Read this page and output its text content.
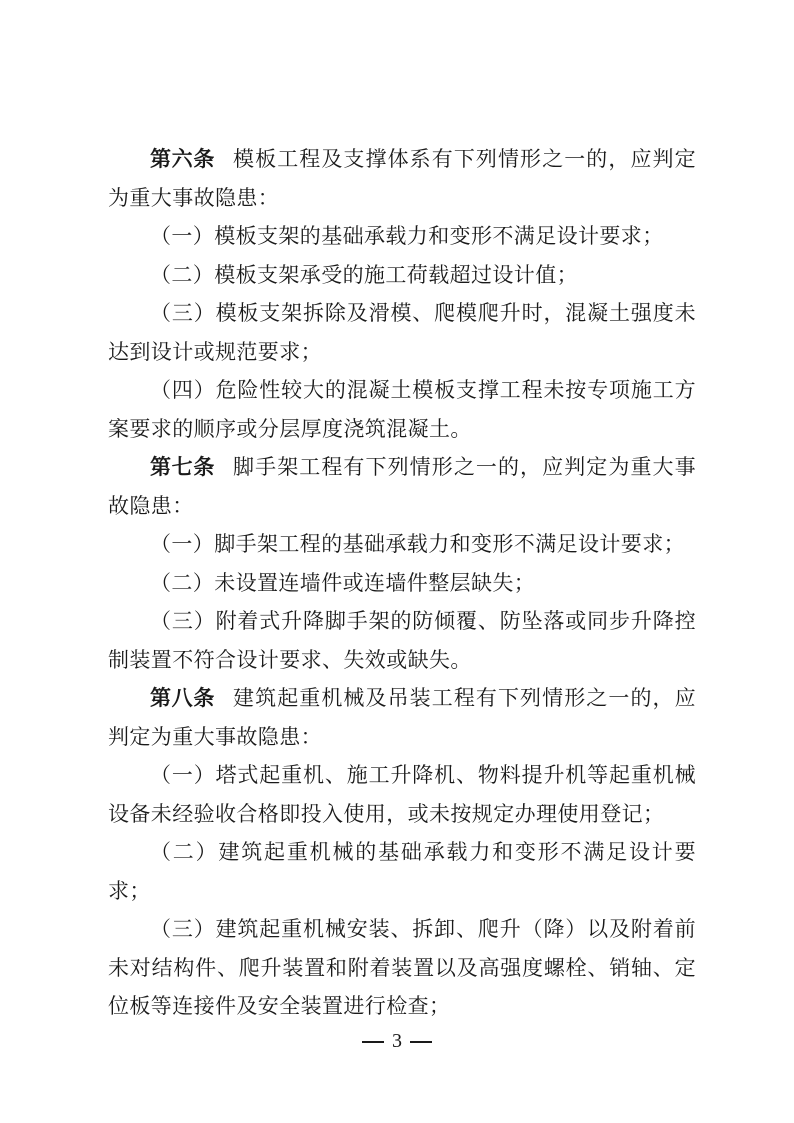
第六条 模板工程及支撑体系有下列情形之一的，应判定为重大事故隐患：

（一）模板支架的基础承载力和变形不满足设计要求；

（二）模板支架承受的施工荷载超过设计值；

（三）模板支架拆除及滑模、爬模爬升时，混凝土强度未达到设计或规范要求；

（四）危险性较大的混凝土模板支撑工程未按专项施工方案要求的顺序或分层厚度浇筑混凝土。

第七条 脚手架工程有下列情形之一的，应判定为重大事故隐患：

（一）脚手架工程的基础承载力和变形不满足设计要求；

（二）未设置连墙件或连墙件整层缺失；

（三）附着式升降脚手架的防倾覆、防坠落或同步升降控制装置不符合设计要求、失效或缺失。

第八条 建筑起重机械及吊装工程有下列情形之一的，应判定为重大事故隐患：

（一）塔式起重机、施工升降机、物料提升机等起重机械设备未经验收合格即投入使用，或未按规定办理使用登记；

（二）建筑起重机械的基础承载力和变形不满足设计要求；

（三）建筑起重机械安装、拆卸、爬升（降）以及附着前未对结构件、爬升装置和附着装置以及高强度螺栓、销轴、定位板等连接件及安全装置进行检查；

3
